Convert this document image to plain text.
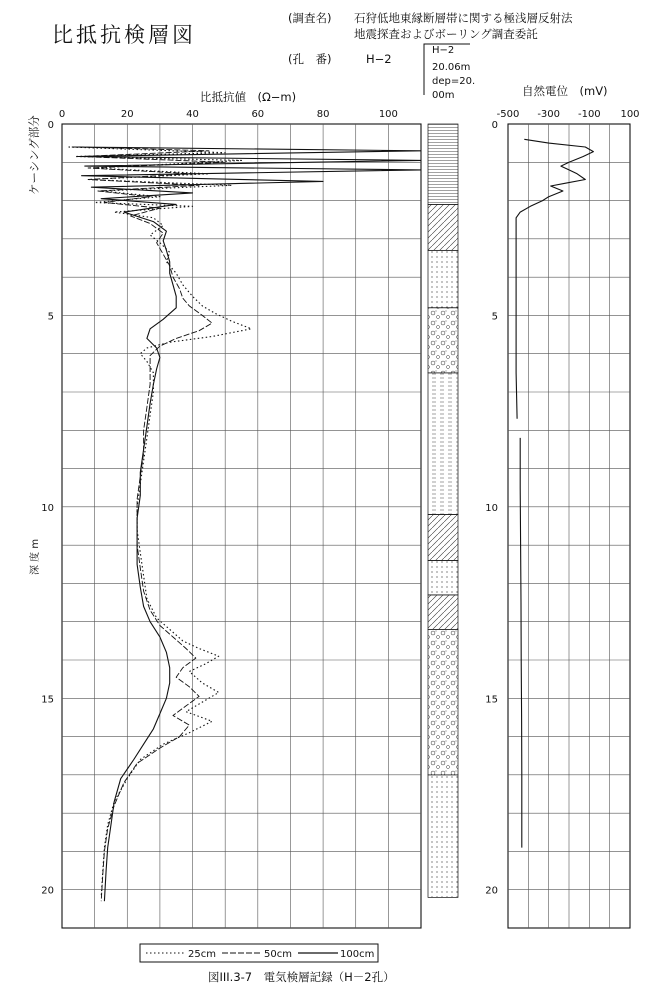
比抵抗検層図
(調査名) 石狩低地東縁断層帯に関する極浅層反射法
地震探査およびボーリング調査委託
(孔　番)	H−2
H−2
20.06m
dep=20.
00m
比抵抗値　(Ω−m)
0	20	40	60	80	100
0
5
10
15
20
ケーシング部分
深 度 m
自然電位　(mV)
-500 -300 -100 100
0
5
10
15
20
25cm	50cm	100cm
図III.3-7　電気検層記録（H－2孔）
